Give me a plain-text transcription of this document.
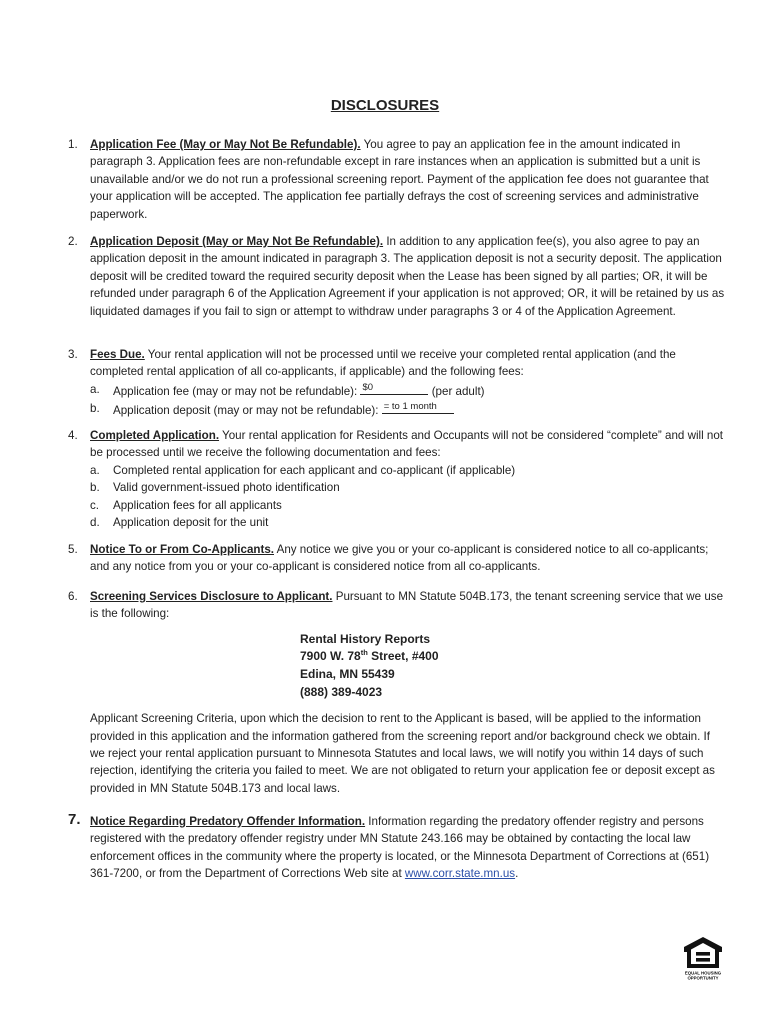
DISCLOSURES
1.	Application Fee (May or May Not Be Refundable). You agree to pay an application fee in the amount indicated in paragraph 3. Application fees are non-refundable except in rare instances when an application is submitted but a unit is unavailable and/or we do not run a professional screening report. Payment of the application fee does not guarantee that your application will be accepted. The application fee partially defrays the cost of screening services and administrative paperwork.
2.	Application Deposit (May or May Not Be Refundable). In addition to any application fee(s), you also agree to pay an application deposit in the amount indicated in paragraph 3. The application deposit is not a security deposit. The application deposit will be credited toward the required security deposit when the Lease has been signed by all parties; OR, it will be refunded under paragraph 6 of the Application Agreement if your application is not approved; OR, it will be retained by us as liquidated damages if you fail to sign or attempt to withdraw under paragraphs 3 or 4 of the Application Agreement.
3.	Fees Due. Your rental application will not be processed until we receive your completed rental application (and the completed rental application of all co-applicants, if applicable) and the following fees:
a. Application fee (may or may not be refundable): $0	(per adult)
b. Application deposit (may or may not be refundable): = to 1 month
4.	Completed Application. Your rental application for Residents and Occupants will not be considered “complete” and will not be processed until we receive the following documentation and fees:
a. Completed rental application for each applicant and co-applicant (if applicable)
b. Valid government-issued photo identification
c. Application fees for all applicants
d. Application deposit for the unit
5.	Notice To or From Co-Applicants. Any notice we give you or your co-applicant is considered notice to all co-applicants; and any notice from you or your co-applicant is considered notice from all co-applicants.
6.	Screening Services Disclosure to Applicant. Pursuant to MN Statute 504B.173, the tenant screening service that we use is the following:
Rental History Reports
7900 W. 78th Street, #400
Edina, MN 55439
(888) 389-4023
Applicant Screening Criteria, upon which the decision to rent to the Applicant is based, will be applied to the information provided in this application and the information gathered from the screening report and/or background check we obtain. If we reject your rental application pursuant to Minnesota Statutes and local laws, we will notify you within 14 days of such rejection, identifying the criteria you failed to meet. We are not obligated to return your application fee or deposit except as provided in MN Statute 504B.173 and local laws.
7. Notice Regarding Predatory Offender Information. Information regarding the predatory offender registry and persons registered with the predatory offender registry under MN Statute 243.166 may be obtained by contacting the local law enforcement offices in the community where the property is located, or the Minnesota Department of Corrections at (651) 361-7200, or from the Department of Corrections Web site at www.corr.state.mn.us.
EQUAL HOUSING
OPPORTUNITY
